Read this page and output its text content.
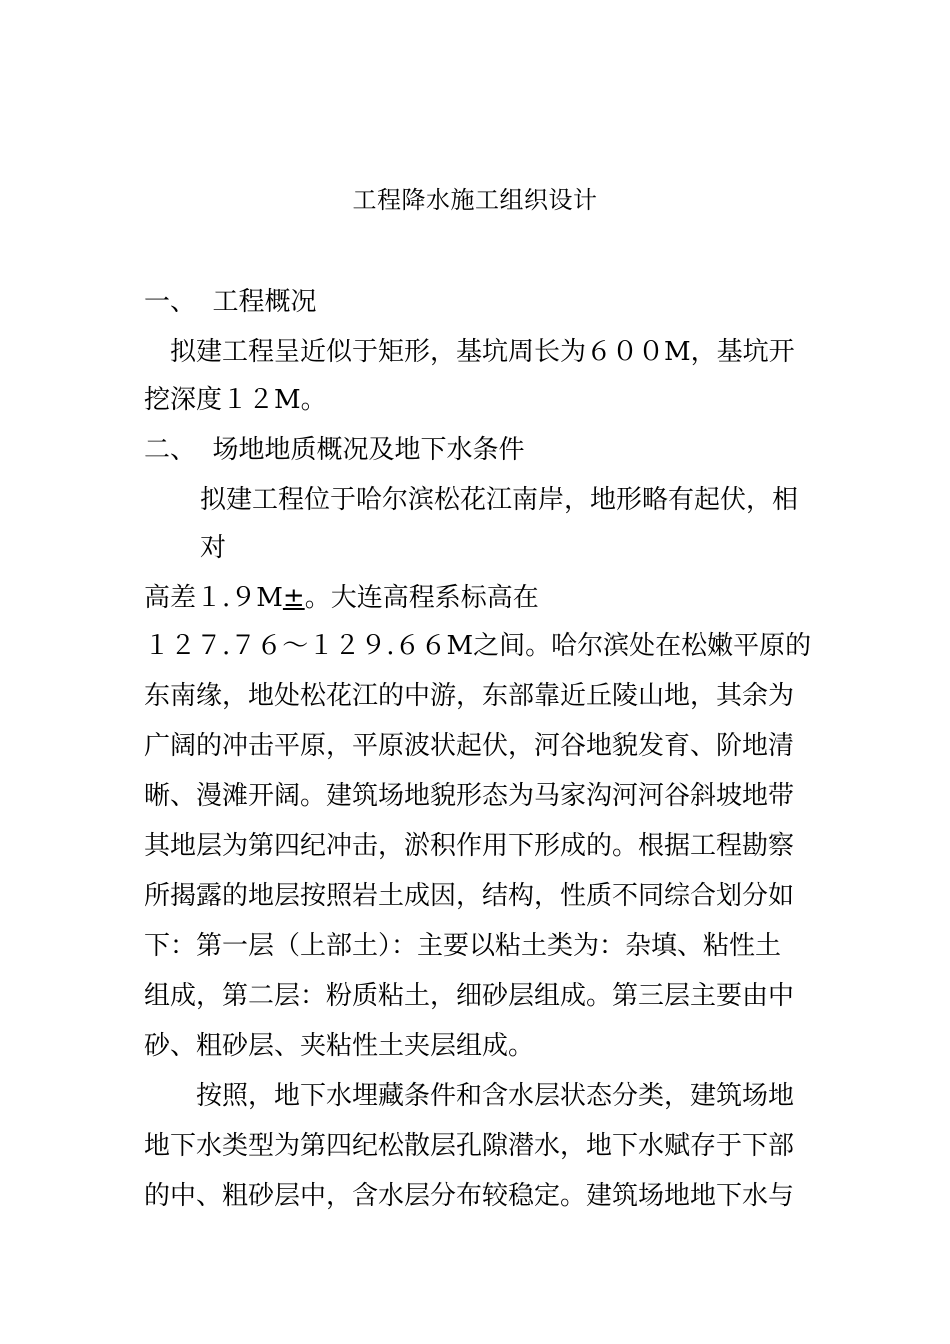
工程降水施工组织设计
一、 工程概况
拟建工程呈近似于矩形，基坑周长为６００M，基坑开
挖深度１２M。
二、 场地地质概况及地下水条件
拟建工程位于哈尔滨松花江南岸，地形略有起伏，相
对
高差１.９M±。大连高程系标高在
１２７.７６～１２９.６６M之间。哈尔滨处在松嫩平原的
东南缘，地处松花江的中游，东部靠近丘陵山地，其余为
广阔的冲击平原，平原波状起伏，河谷地貌发育、阶地清
晰、漫滩开阔。建筑场地貌形态为马家沟河河谷斜坡地带
其地层为第四纪冲击，淤积作用下形成的。根据工程勘察
所揭露的地层按照岩土成因，结构，性质不同综合划分如
下：第一层（上部土）：主要以粘土类为：杂填、粘性土
组成，第二层：粉质粘土，细砂层组成。第三层主要由中
砂、粗砂层、夹粘性土夹层组成。
按照，地下水埋藏条件和含水层状态分类，建筑场地
地下水类型为第四纪松散层孔隙潜水，地下水赋存于下部
的中、粗砂层中，含水层分布较稳定。建筑场地地下水与
